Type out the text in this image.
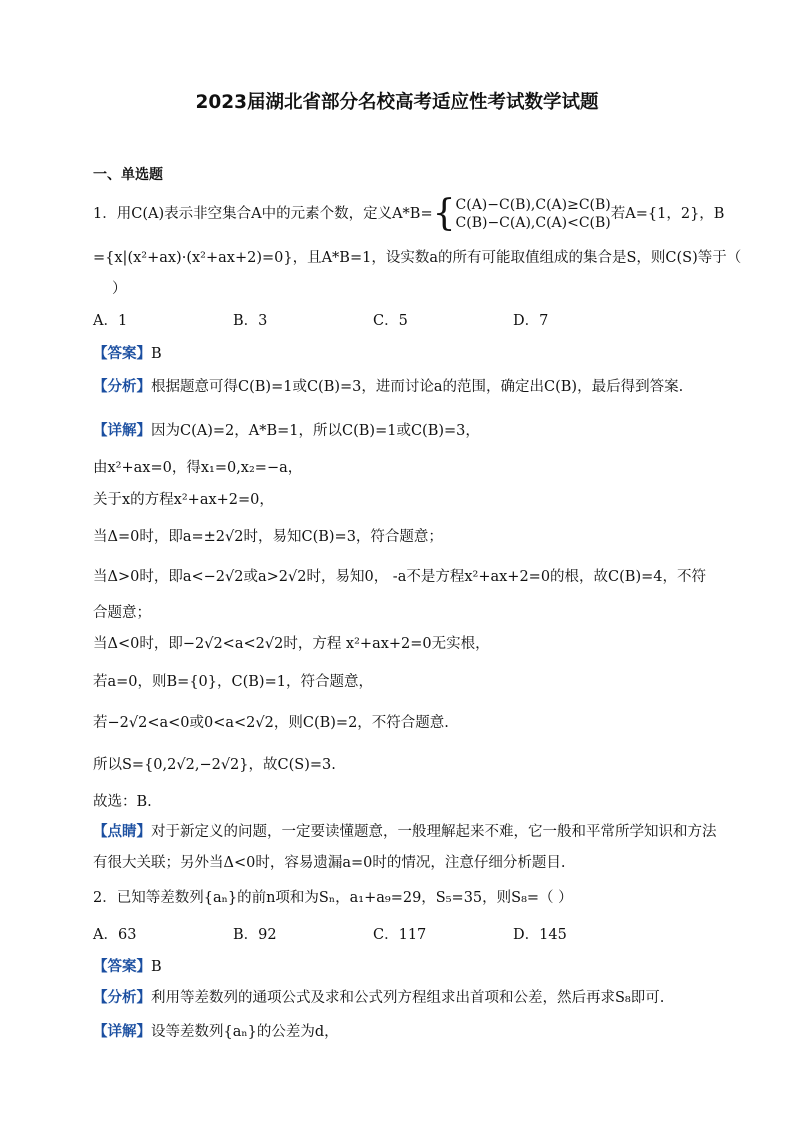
2023届湖北省部分名校高考适应性考试数学试题
一、单选题
1．用C(A)表示非空集合A中的元素个数，定义A*B={C(A)−C(B),C(A)≥C(B)
C(B)−C(A),C(A)<C(B)若A={1，2}，B
={x|(x²+ax)·(x²+ax+2)=0}，且A*B=1，设实数a的所有可能取值组成的集合是S，则C(S)等于（
）
A．1	B．3	C．5	D．7
【答案】B
【分析】根据题意可得C(B)=1或C(B)=3，进而讨论a的范围，确定出C(B)，最后得到答案.
【详解】因为C(A)=2，A*B=1，所以C(B)=1或C(B)=3，
由x²+ax=0，得x₁=0,x₂=−a，
关于x的方程x²+ax+2=0，
当Δ=0时，即a=±2√2时，易知C(B)=3，符合题意；
当Δ>0时，即a<−2√2或a>2√2时，易知0， -a不是方程x²+ax+2=0的根，故C(B)=4，不符
合题意；
当Δ<0时，即−2√2<a<2√2时，方程 x²+ax+2=0无实根，
若a=0，则B={0}，C(B)=1，符合题意，
若−2√2<a<0或0<a<2√2，则C(B)=2，不符合题意.
所以S={0,2√2,−2√2}，故C(S)=3.
故选：B.
【点睛】对于新定义的问题，一定要读懂题意，一般理解起来不难，它一般和平常所学知识和方法
有很大关联；另外当Δ<0时，容易遗漏a=0时的情况，注意仔细分析题目.
2．已知等差数列{aₙ}的前n项和为Sₙ，a₁+a₉=29，S₅=35，则S₈=（ ）
A．63	B．92	C．117	D．145
【答案】B
【分析】利用等差数列的通项公式及求和公式列方程组求出首项和公差，然后再求S₈即可.
【详解】设等差数列{aₙ}的公差为d，
